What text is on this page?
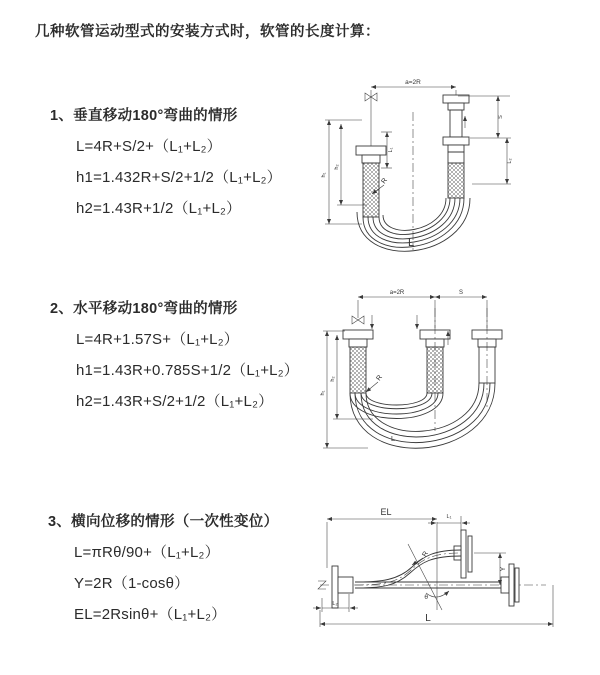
几种软管运动型式的安装方式时，软管的长度计算：
1、垂直移动180°弯曲的情形
L=4R+S/2+（L₁+L₂）
h1=1.432R+S/2+1/2（L₁+L₂）
h2=1.43R+1/2（L₁+L₂）
a=2R
h₁
h₂
L₁
S
L₂
R
L
2、水平移动180°弯曲的情形
L=4R+1.57S+（L₁+L₂）
h1=1.43R+0.785S+1/2（L₁+L₂）
h2=1.43R+S/2+1/2（L₁+L₂）
a=2R	S
h₁
h₂	R
L
3、横向位移的情形（一次性变位）
L=πRθ/90+（L₁+L₂）
Y=2R（1-cosθ）
EL=2Rsinθ+（L₁+L₂）
EL	L₁
θ
Y
R
L₂
L
